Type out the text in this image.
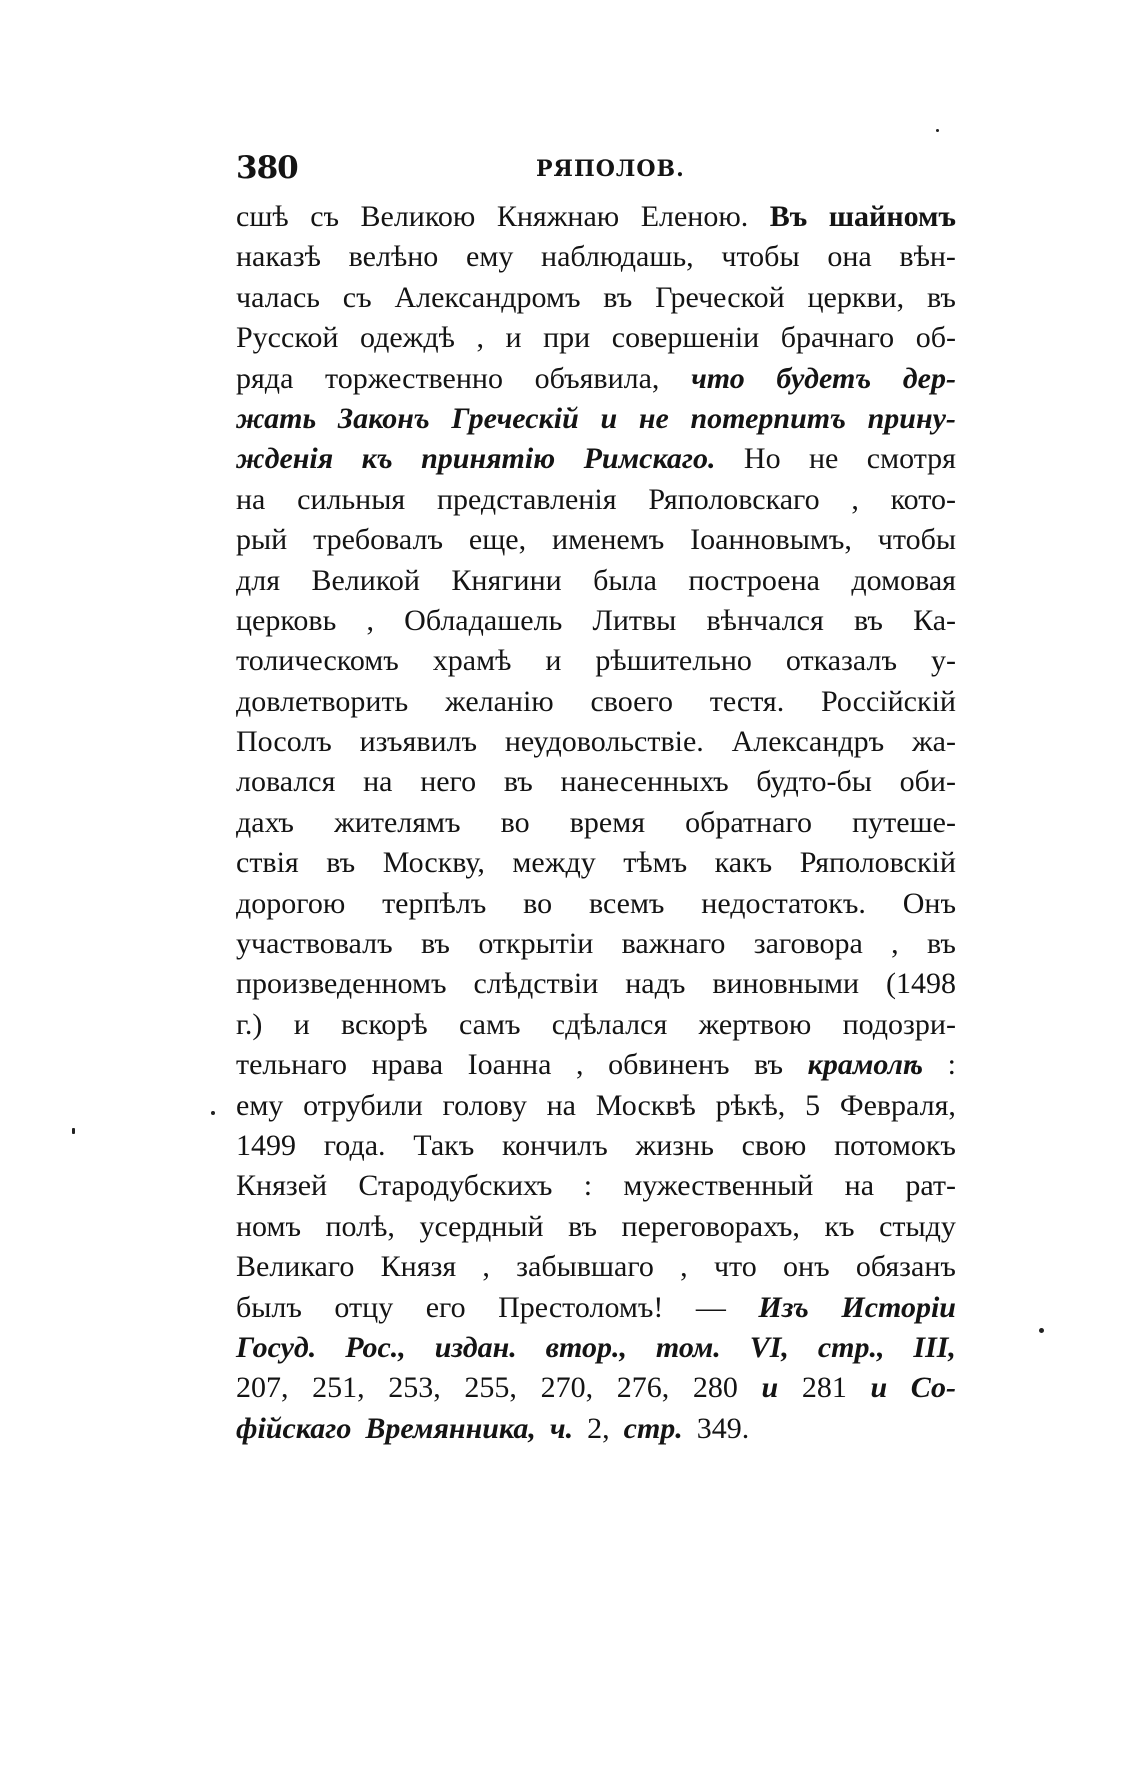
380	РЯПОЛОВ.
сшѣ съ Великою Княжнаю Еленою. Въ шайномъ
наказѣ велѣно ему наблюдашь, чтобы она вѣн-
чалась съ Александромъ въ Греческой церкви, въ
Русской одеждѣ , и при совершеніи брачнаго об-
ряда торжественно объявила, что будетъ дер-
жать Законъ Греческій и не потерпитъ прину-
жденія къ принятію Римскаго. Но не смотря
на сильныя представленія Ряполовскаго , кото-
рый требовалъ еще, именемъ Іоанновымъ, чтобы
для Великой Княгини была построена домовая
церковь , Обладашель Литвы вѣнчался въ Ка-
толическомъ храмѣ и рѣшительно отказалъ у-
довлетворить желанію своего тестя. Россійскій
Посолъ изъявилъ неудовольствіе. Александръ жа-
ловался на него въ нанесенныхъ будто-бы оби-
дахъ жителямъ во время обратнаго путеше-
ствія въ Москву, между тѣмъ какъ Ряполовскій
дорогою терпѣлъ во всемъ недостатокъ. Онъ
участвовалъ въ открытіи важнаго заговора , въ
произведенномъ слѣдствіи надъ виновными (1498
г.) и вскорѣ самъ сдѣлался жертвою подозри-
тельнаго нрава Іоанна , обвиненъ въ крамолѣ :
ему отрубили голову на Москвѣ рѣкѣ, 5 Февраля,
1499 года. Такъ кончилъ жизнь свою потомокъ
Князей Стародубскихъ : мужественный на рат-
номъ полѣ, усердный въ переговорахъ, къ стыду
Великаго Князя , забывшаго , что онъ обязанъ
былъ отцу его Престоломъ! — Изъ Исторіи
Госуд. Рос., издан. втор., том. VI, стр., III,
207, 251, 253, 255, 270, 276, 280 и 281 и Со-
фійскаго Времянника, ч. 2, стр. 349.
